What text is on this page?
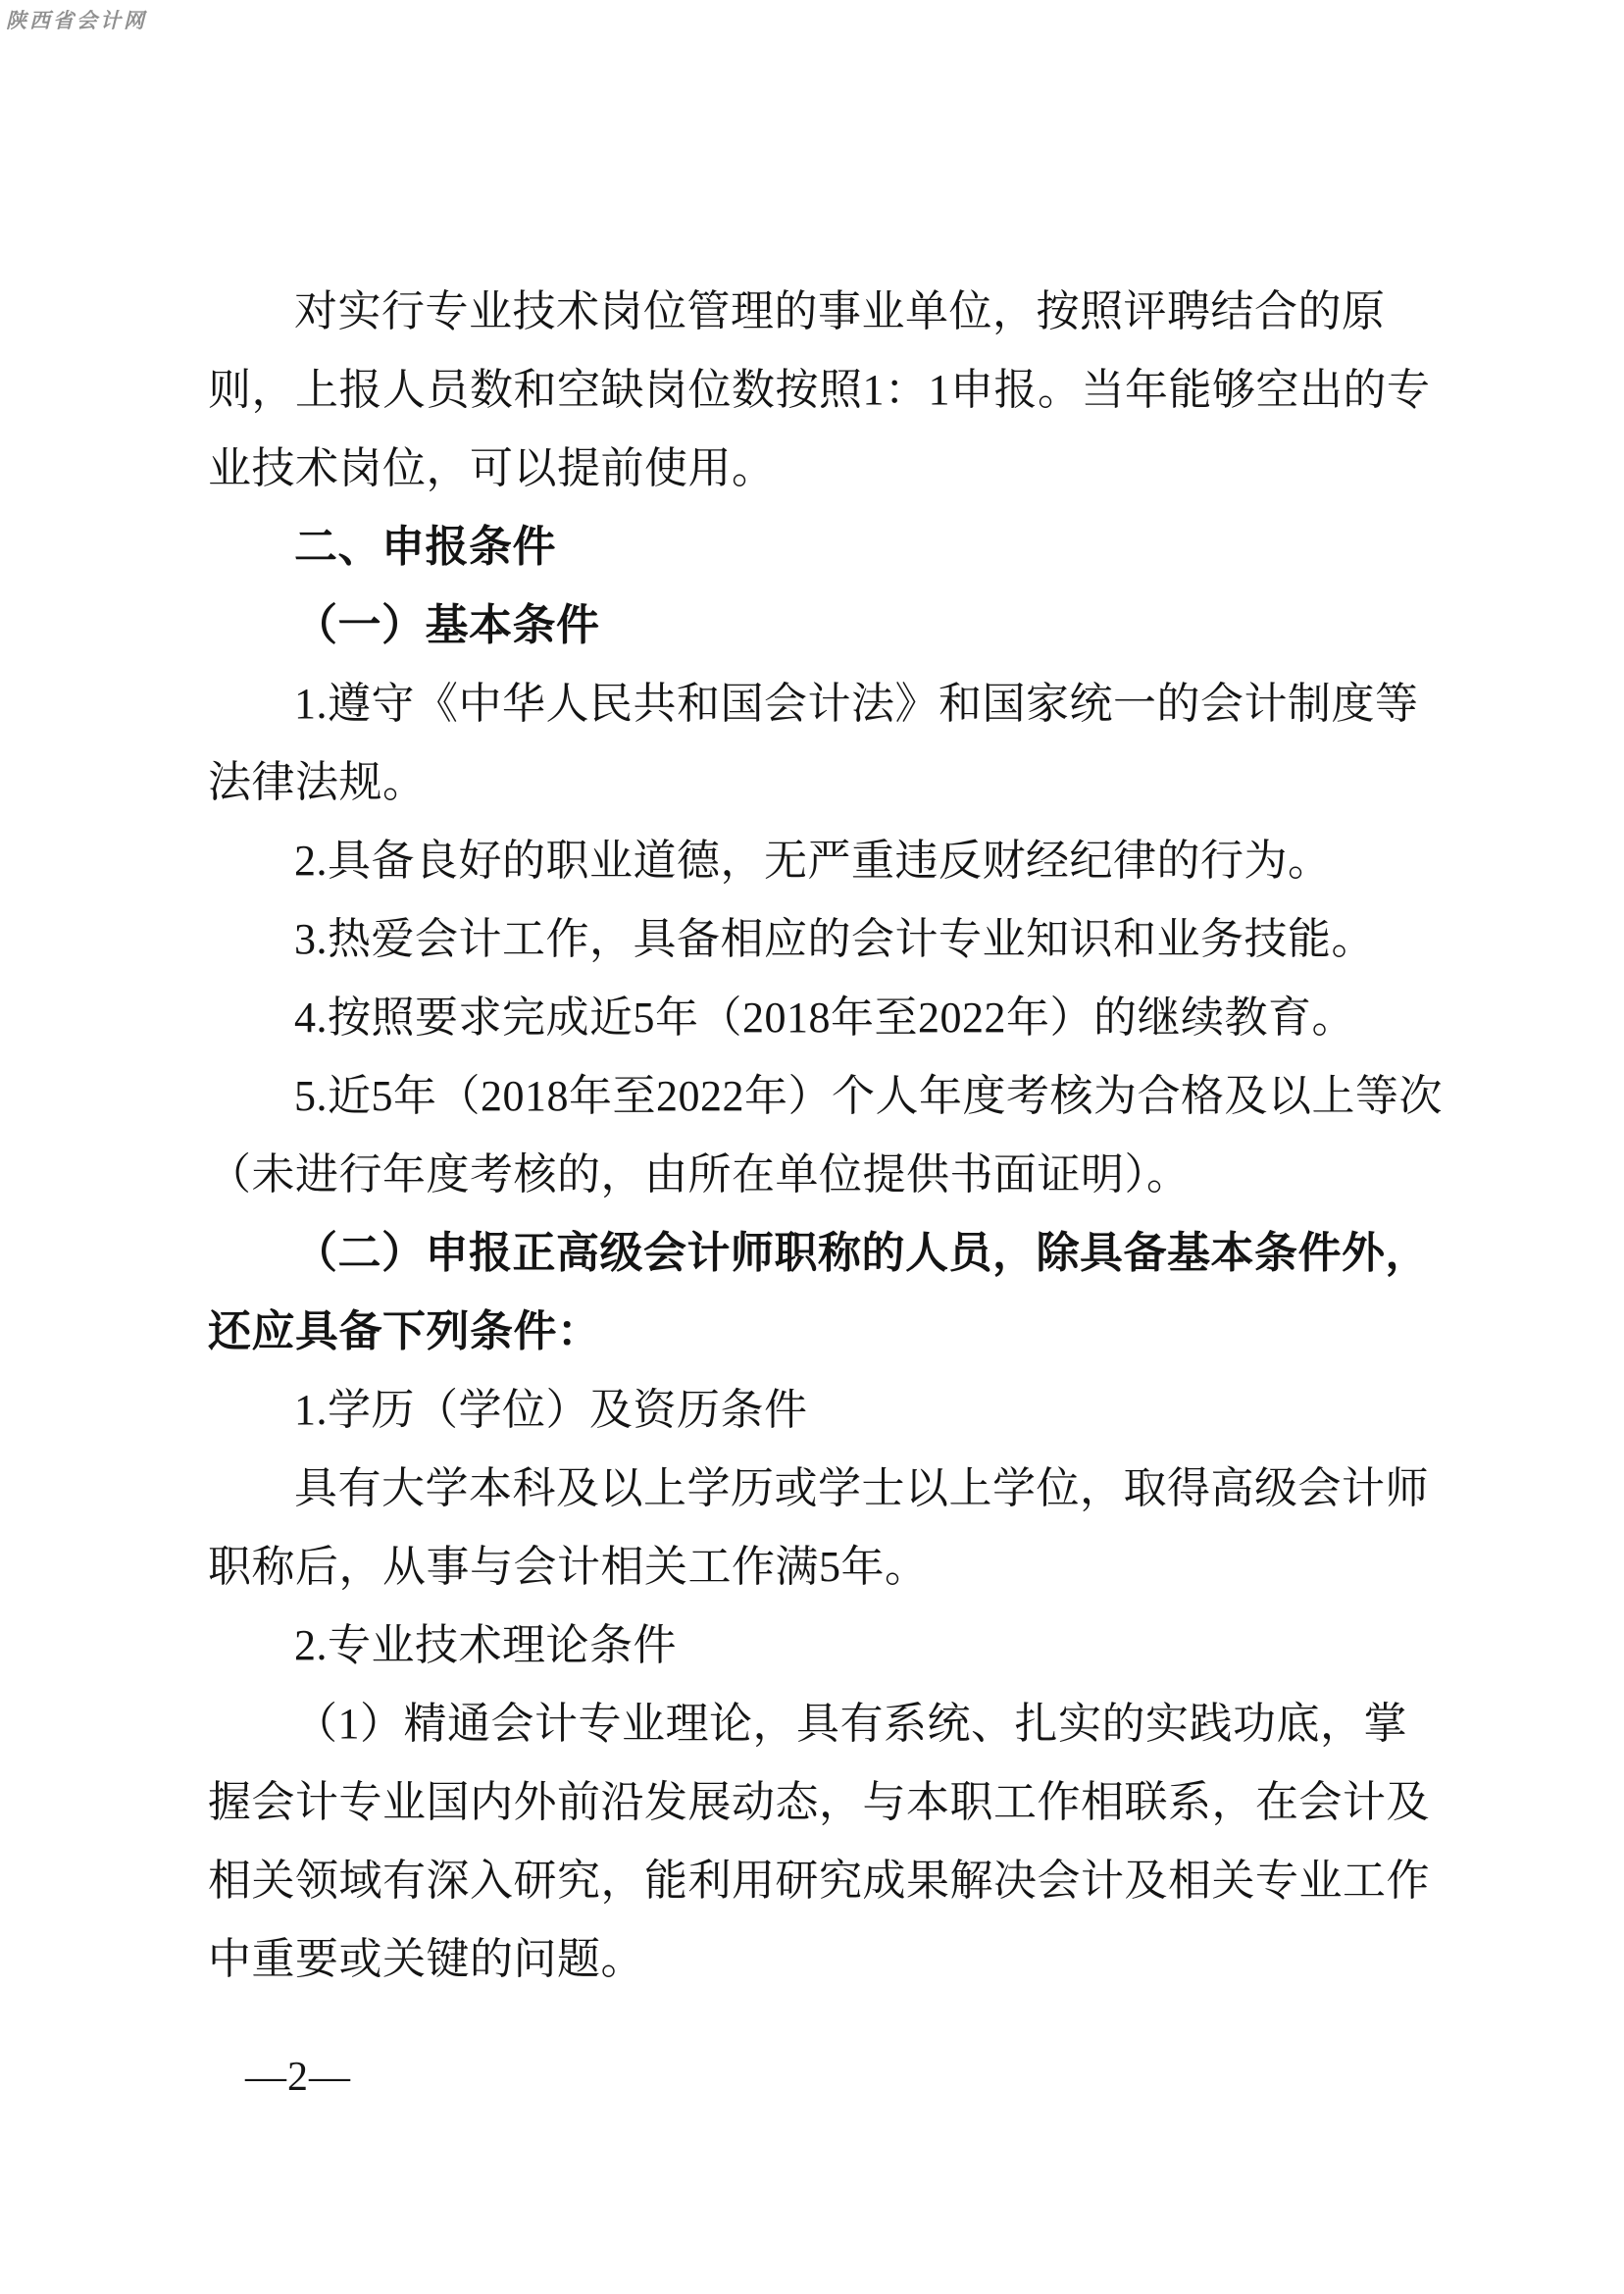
陕西省会计网
对实行专业技术岗位管理的事业单位，按照评聘结合的原
则，上报人员数和空缺岗位数按照1：1申报。当年能够空出的专
业技术岗位，可以提前使用。
二、申报条件
（一）基本条件
1.遵守《中华人民共和国会计法》和国家统一的会计制度等
法律法规。
2.具备良好的职业道德，无严重违反财经纪律的行为。
3.热爱会计工作，具备相应的会计专业知识和业务技能。
4.按照要求完成近5年（2018年至2022年）的继续教育。
5.近5年（2018年至2022年）个人年度考核为合格及以上等次
（未进行年度考核的，由所在单位提供书面证明）。
（二）申报正高级会计师职称的人员，除具备基本条件外，
还应具备下列条件：
1.学历（学位）及资历条件
具有大学本科及以上学历或学士以上学位，取得高级会计师
职称后，从事与会计相关工作满5年。
2.专业技术理论条件
（1）精通会计专业理论，具有系统、扎实的实践功底，掌
握会计专业国内外前沿发展动态，与本职工作相联系，在会计及
相关领域有深入研究，能利用研究成果解决会计及相关专业工作
中重要或关键的问题。
—2—
